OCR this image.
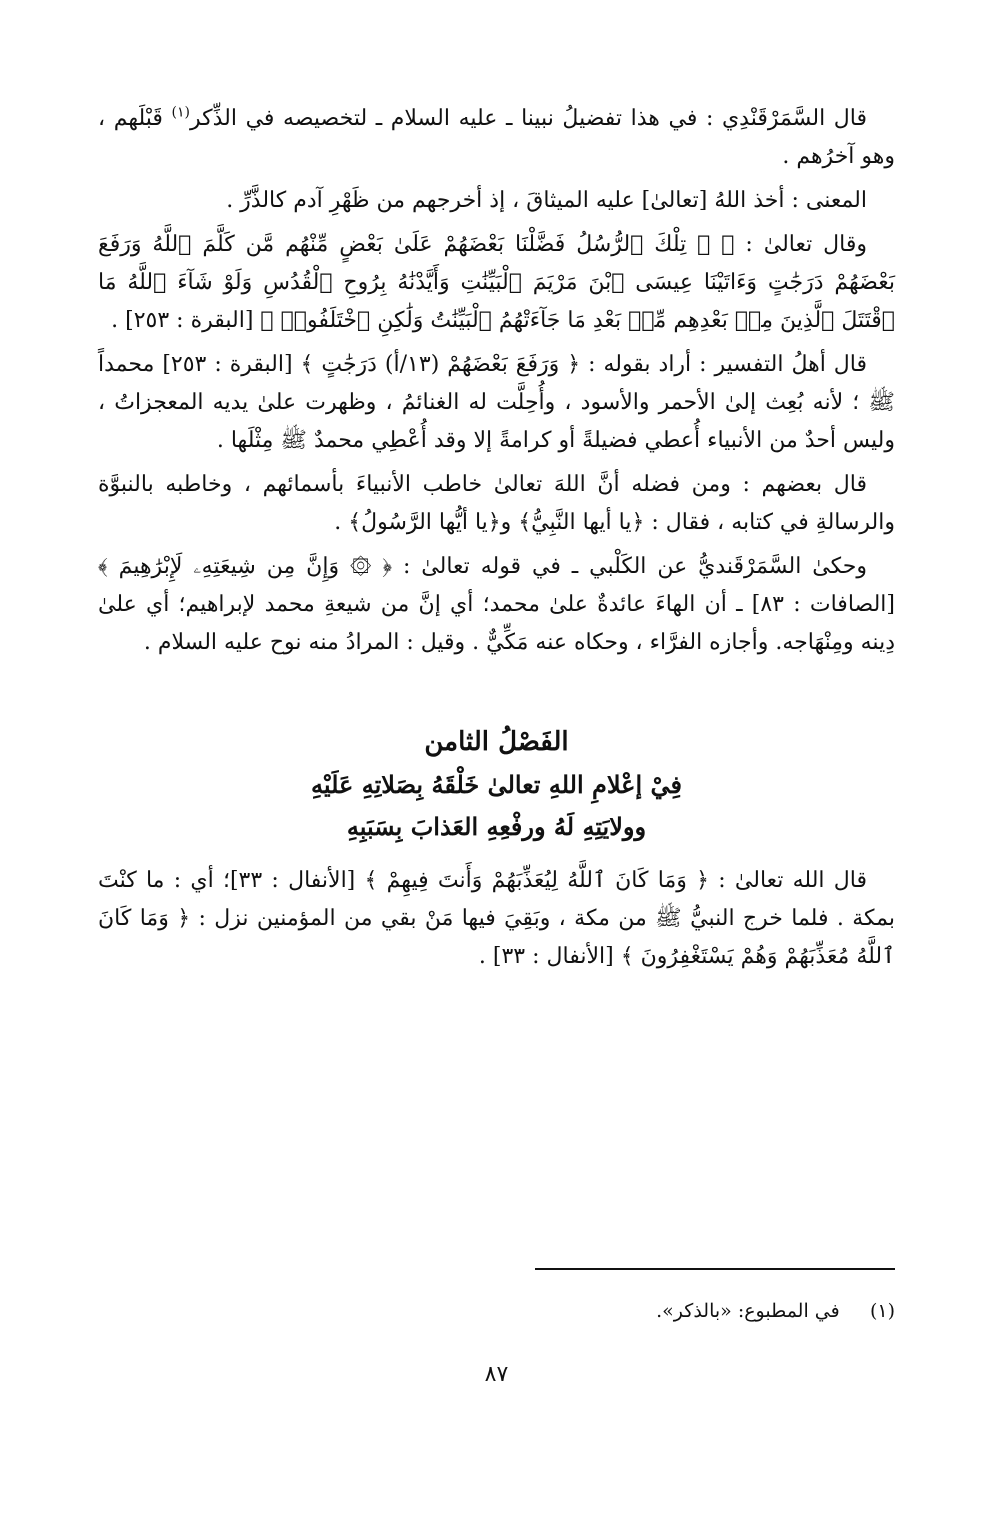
قال السَّمَرْقَنْدِي : في هذا تفضيلُ نبينا ـ عليه السلام ـ لتخصيصه في الذِّكر$^{(١)}$ قَبْلَهم ، وهو آخرُهم .

المعنى : أخذ اللهُ [تعالىٰ] عليه الميثاقَ ، إذ أخرجهم من ظَهْرِ آدم كالذَّرِّ .

وقال تعالىٰ : ﴿ ۞ تِلْكَ ٱلرُّسُلُ فَضَّلْنَا بَعْضَهُمْ عَلَىٰ بَعْضٍ مِّنْهُم مَّن كَلَّمَ ٱللَّهُ وَرَفَعَ بَعْضَهُمْ دَرَجَٰتٍ وَءَاتَيْنَا عِيسَى ٱبْنَ مَرْيَمَ ٱلْبَيِّنَٰتِ وَأَيَّدْنَٰهُ بِرُوحِ ٱلْقُدُسِ وَلَوْ شَآءَ ٱللَّهُ مَا ٱقْتَتَلَ ٱلَّذِينَ مِنۢ بَعْدِهِم مِّنۢ بَعْدِ مَا جَآءَتْهُمُ ٱلْبَيِّنَٰتُ وَلَٰكِنِ ٱخْتَلَفُوا۟ ﴾ [البقرة : ٢٥٣] .

قال أهلُ التفسير : أراد بقوله : ﴿ وَرَفَعَ بَعْضَهُمْ (١٣/أ) دَرَجَٰتٍ ﴾ [البقرة : ٢٥٣] محمداً ﷺ ؛ لأنه بُعِث إلىٰ الأحمر والأسود ، وأُحِلَّت له الغنائمُ ، وظهرت علىٰ يديه المعجزاتُ ، وليس أحدٌ من الأنبياء أُعطي فضيلةً أو كرامةً إلا وقد أُعْطِي محمدٌ ﷺ مِثْلَها .

قال بعضهم : ومن فضله أنَّ اللهَ تعالىٰ خاطب الأنبياءَ بأسمائهم ، وخاطبه بالنبوَّة والرسالةِ في كتابه ، فقال : ﴿يا أيها النَّبِيُّ﴾ و﴿يا أيُّها الرَّسُولُ﴾ .

وحكىٰ السَّمَرْقَنديُّ عن الكَلْبي ـ في قوله تعالىٰ : ﴿ ۞ وَإِنَّ مِن شِيعَتِهِۦ لَإِبْرَٰهِيمَ ﴾ [الصافات : ٨٣] ـ أن الهاءَ عائدةٌ علىٰ محمد؛ أي إنَّ من شيعةِ محمد لإبراهيم؛ أي علىٰ دِينه ومِنْهَاجه. وأجازه الفرَّاء ، وحكاه عنه مَكِّيٌّ . وقيل : المرادُ منه نوح عليه السلام .

الفَصْلُ الثامن
فِيْ إعْلامِ اللهِ تعالىٰ خَلْقَهُ بِصَلاتِهِ عَلَيْهِ
وولايَتِهِ لَهُ ورفْعِهِ العَذابَ بِسَبَبِهِ

قال الله تعالىٰ : ﴿ وَمَا كَانَ ٱللَّهُ لِيُعَذِّبَهُمْ وَأَنتَ فِيهِمْ ﴾ [الأنفال : ٣٣]؛ أي : ما كنْتَ بمكة . فلما خرج النبيُّ ﷺ من مكة ، وبَقِيَ فيها مَنْ بقي من المؤمنين نزل : ﴿ وَمَا كَانَ ٱللَّهُ مُعَذِّبَهُمْ وَهُمْ يَسْتَغْفِرُونَ ﴾ [الأنفال : ٣٣] .

(١)     في المطبوع: «بالذكر».
٨٧
